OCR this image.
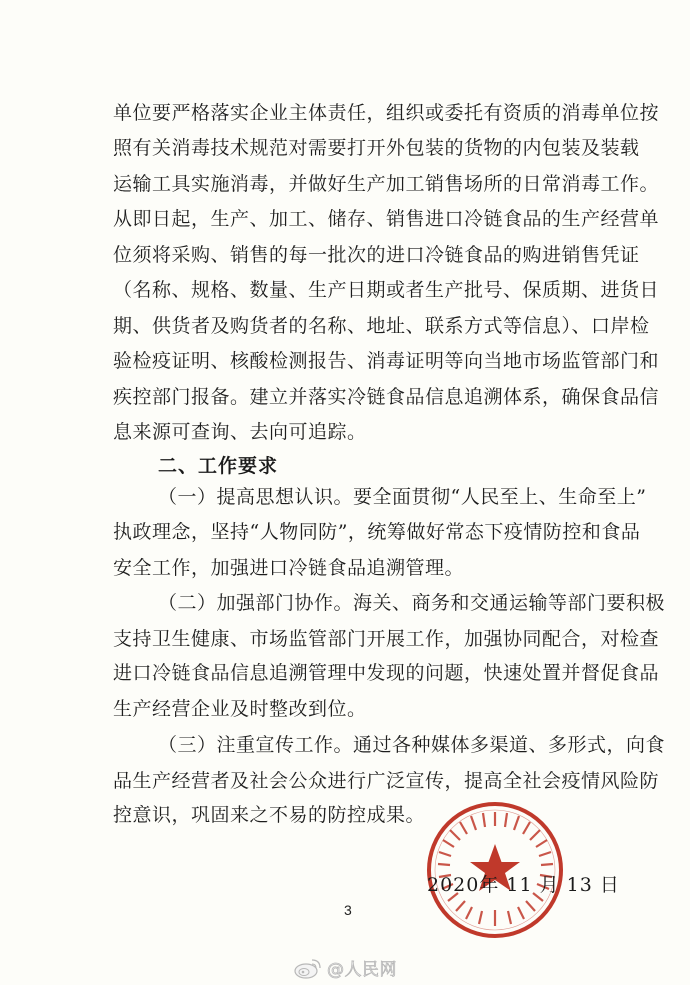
单位要严格落实企业主体责任，组织或委托有资质的消毒单位按
照有关消毒技术规范对需要打开外包装的货物的内包装及装载
运输工具实施消毒，并做好生产加工销售场所的日常消毒工作。
从即日起，生产、加工、储存、销售进口冷链食品的生产经营单
位须将采购、销售的每一批次的进口冷链食品的购进销售凭证
（名称、规格、数量、生产日期或者生产批号、保质期、进货日
期、供货者及购货者的名称、地址、联系方式等信息）、口岸检
验检疫证明、核酸检测报告、消毒证明等向当地市场监管部门和
疾控部门报备。建立并落实冷链食品信息追溯体系，确保食品信
息来源可查询、去向可追踪。
二、工作要求
（一）提高思想认识。要全面贯彻“人民至上、生命至上”
执政理念，坚持“人物同防”，统筹做好常态下疫情防控和食品
安全工作，加强进口冷链食品追溯管理。
（二）加强部门协作。海关、商务和交通运输等部门要积极
支持卫生健康、市场监管部门开展工作，加强协同配合，对检查
进口冷链食品信息追溯管理中发现的问题，快速处置并督促食品
生产经营企业及时整改到位。
（三）注重宣传工作。通过各种媒体多渠道、多形式，向食
品生产经营者及社会公众进行广泛宣传，提高全社会疫情风险防
控意识，巩固来之不易的防控成果。
2020年 11 月 13 日
3
@人民网
